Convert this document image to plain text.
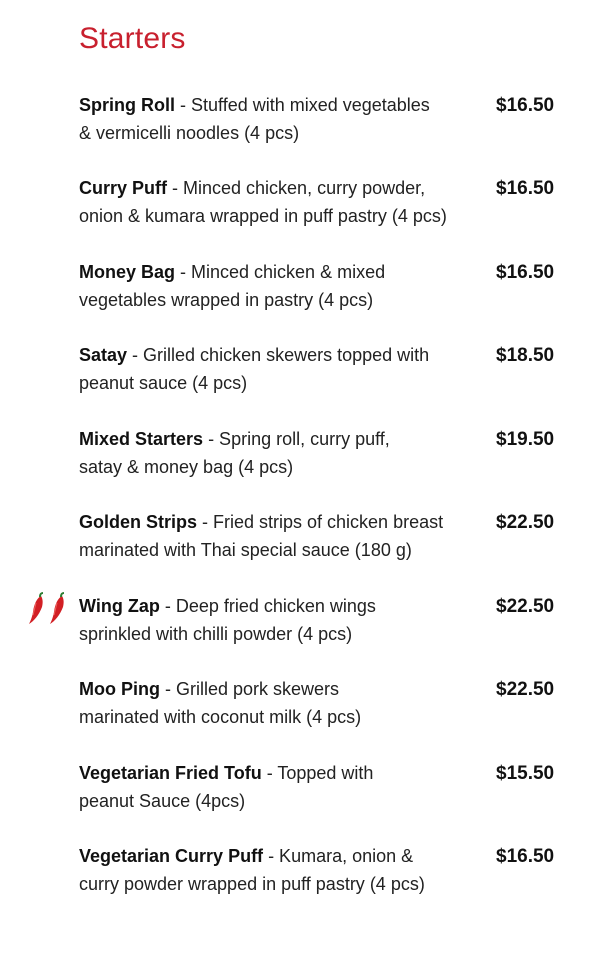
Starters
Spring Roll - Stuffed with mixed vegetables
& vermicelli noodles (4 pcs)
$16.50
Curry Puff - Minced chicken, curry powder,
onion & kumara wrapped in puff pastry (4 pcs)
$16.50
Money Bag - Minced chicken & mixed
vegetables wrapped in pastry (4 pcs)
$16.50
Satay - Grilled chicken skewers topped with
peanut sauce (4 pcs)
$18.50
Mixed Starters - Spring roll, curry puff,
satay & money bag (4 pcs)
$19.50
Golden Strips - Fried strips of chicken breast
marinated with Thai special sauce (180 g)
$22.50
Wing Zap - Deep fried chicken wings
sprinkled with chilli powder (4 pcs)
$22.50
Moo Ping - Grilled pork skewers
marinated with coconut milk (4 pcs)
$22.50
Vegetarian Fried Tofu - Topped with
peanut Sauce (4pcs)
$15.50
Vegetarian Curry Puff - Kumara, onion &
curry powder wrapped in puff pastry (4 pcs)
$16.50
